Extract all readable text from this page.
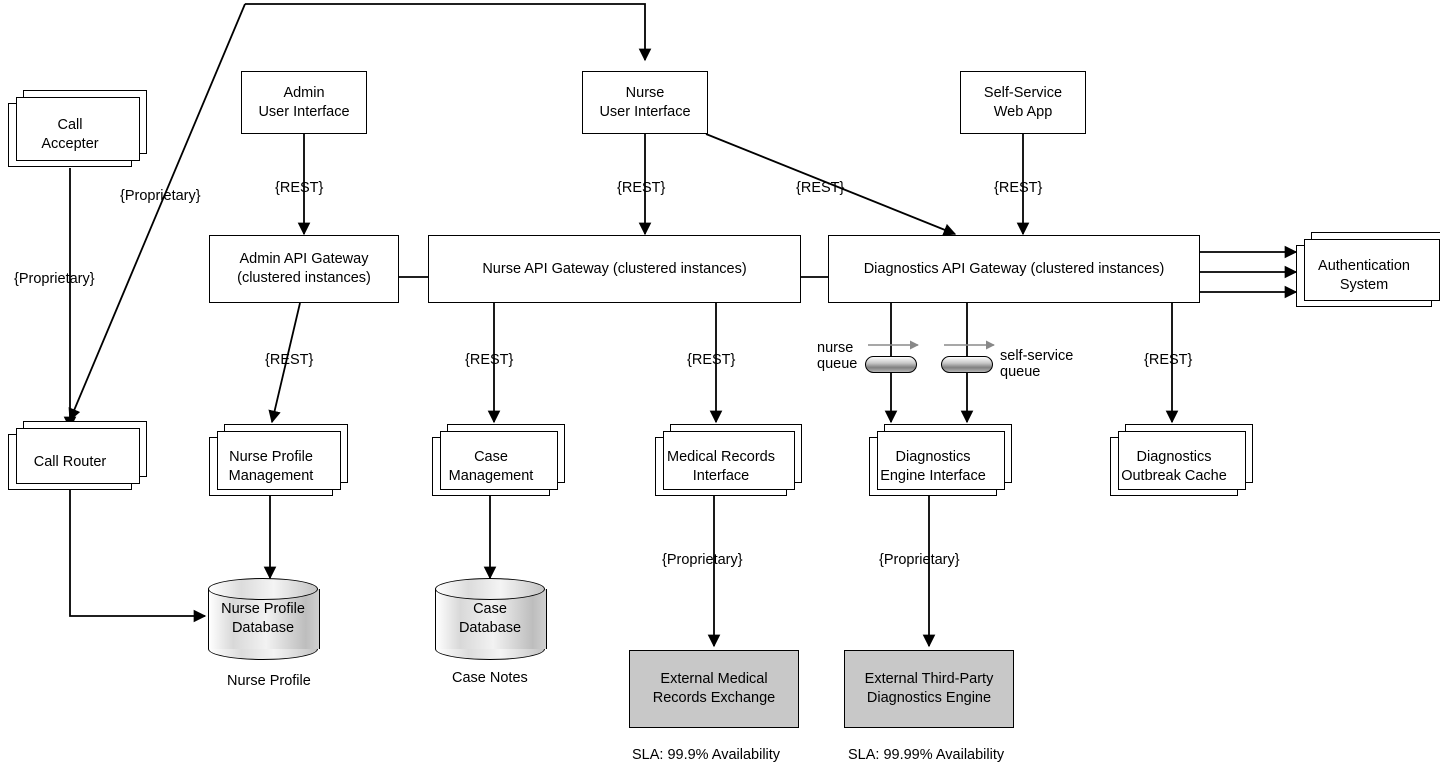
Call
Accepter
Call Router
Admin
User Interface
Nurse
User Interface
Self-Service
Web App
Admin API Gateway
(clustered instances)
Nurse API Gateway (clustered instances)	Diagnostics API Gateway (clustered instances)	Authentication
System
Nurse Profile
Management
Case
Management
Medical Records
Interface
Diagnostics
Engine Interface
Diagnostics
Outbreak Cache
Nurse Profile
Database
Case
Database
External Medical
Records Exchange
External Third-Party
Diagnostics Engine
{Proprietary}
{Proprietary}
{REST}	{REST}	{REST}	{REST}
{REST}	{REST}	{REST}	{REST}
{Proprietary}	{Proprietary}
nurse
queue	self-service
queue
Nurse Profile	Case Notes
SLA: 99.9% Availability	SLA: 99.99% Availability
